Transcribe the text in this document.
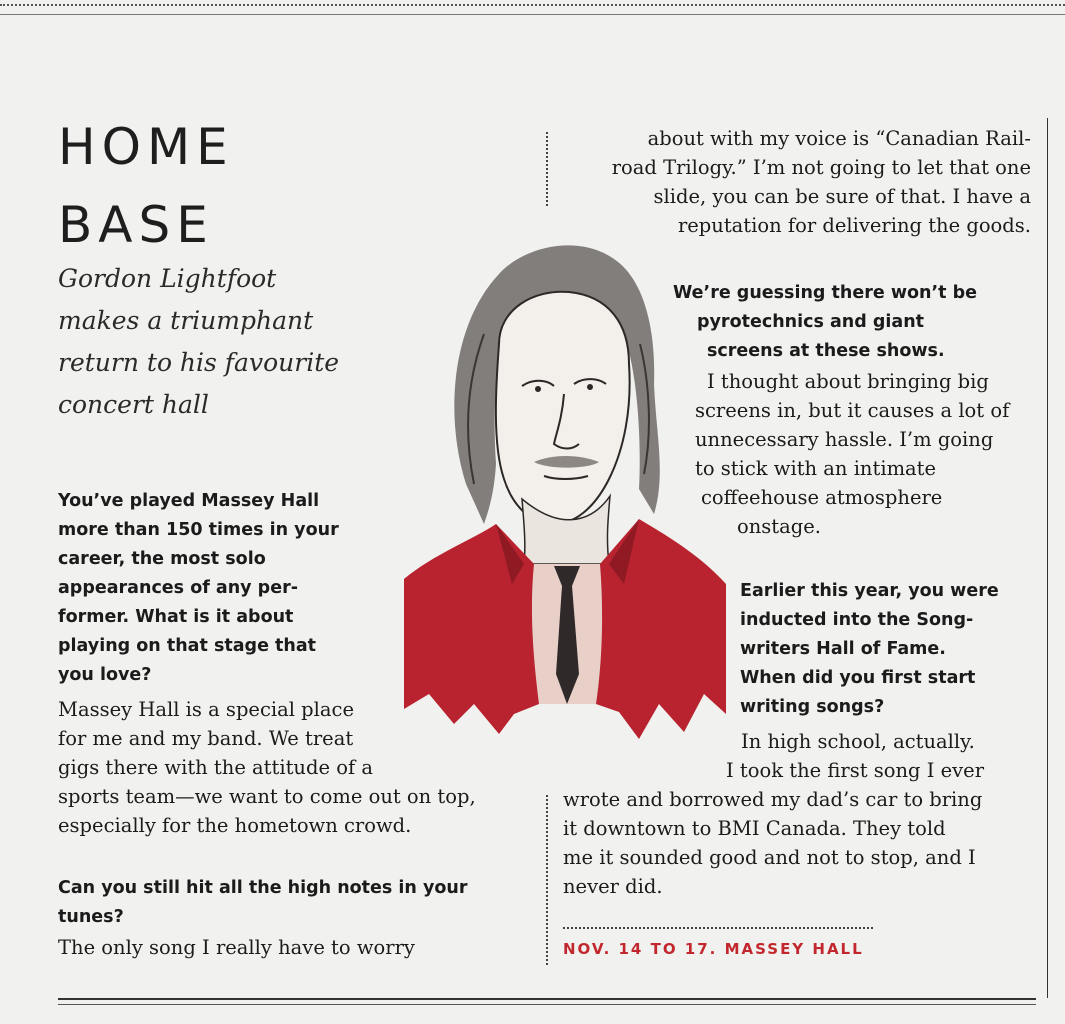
HOME
BASE

Gordon Lightfoot
makes a triumphant
return to his favourite
concert hall

You’ve played Massey Hall
more than 150 times in your
career, the most solo
appearances of any per-
former. What is it about
playing on that stage that
you love?
Massey Hall is a special place
for me and my band. We treat
gigs there with the attitude of a
sports team—we want to come out on top,
especially for the hometown crowd.
Can you still hit all the high notes in your
tunes?
The only song I really have to worry
about with my voice is “Canadian Rail-
road Trilogy.” I’m not going to let that one
slide, you can be sure of that. I have a
reputation for delivering the goods.
We’re guessing there won’t be
pyrotechnics and giant
screens at these shows.
I thought about bringing big
screens in, but it causes a lot of
unnecessary hassle. I’m going
to stick with an intimate
coffeehouse atmosphere
onstage.
Earlier this year, you were
inducted into the Song-
writers Hall of Fame.
When did you first start
writing songs?
In high school, actually.
I took the first song I ever
wrote and borrowed my dad’s car to bring
it downtown to BMI Canada. They told
me it sounded good and not to stop, and I
never did.

NOV. 14 TO 17. MASSEY HALL
